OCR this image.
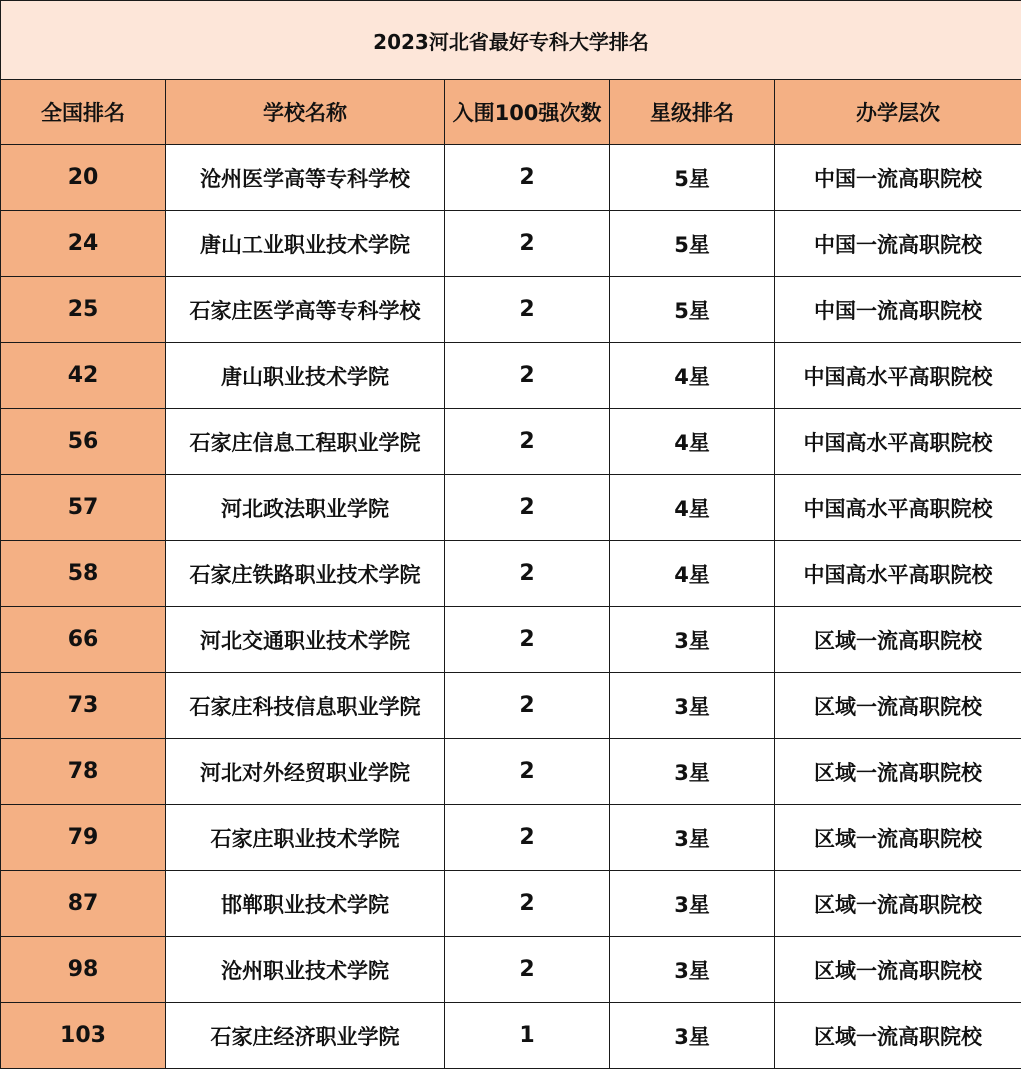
2023河北省最好专科大学排名				
全国排名	学校名称	入围100强次数	星级排名	办学层次
20	沧州医学高等专科学校	2	5星	中国一流高职院校
24	唐山工业职业技术学院	2	5星	中国一流高职院校
25	石家庄医学高等专科学校	2	5星	中国一流高职院校
42	唐山职业技术学院	2	4星	中国高水平高职院校
56	石家庄信息工程职业学院	2	4星	中国高水平高职院校
57	河北政法职业学院	2	4星	中国高水平高职院校
58	石家庄铁路职业技术学院	2	4星	中国高水平高职院校
66	河北交通职业技术学院	2	3星	区域一流高职院校
73	石家庄科技信息职业学院	2	3星	区域一流高职院校
78	河北对外经贸职业学院	2	3星	区域一流高职院校
79	石家庄职业技术学院	2	3星	区域一流高职院校
87	邯郸职业技术学院	2	3星	区域一流高职院校
98	沧州职业技术学院	2	3星	区域一流高职院校
103	石家庄经济职业学院	1	3星	区域一流高职院校
